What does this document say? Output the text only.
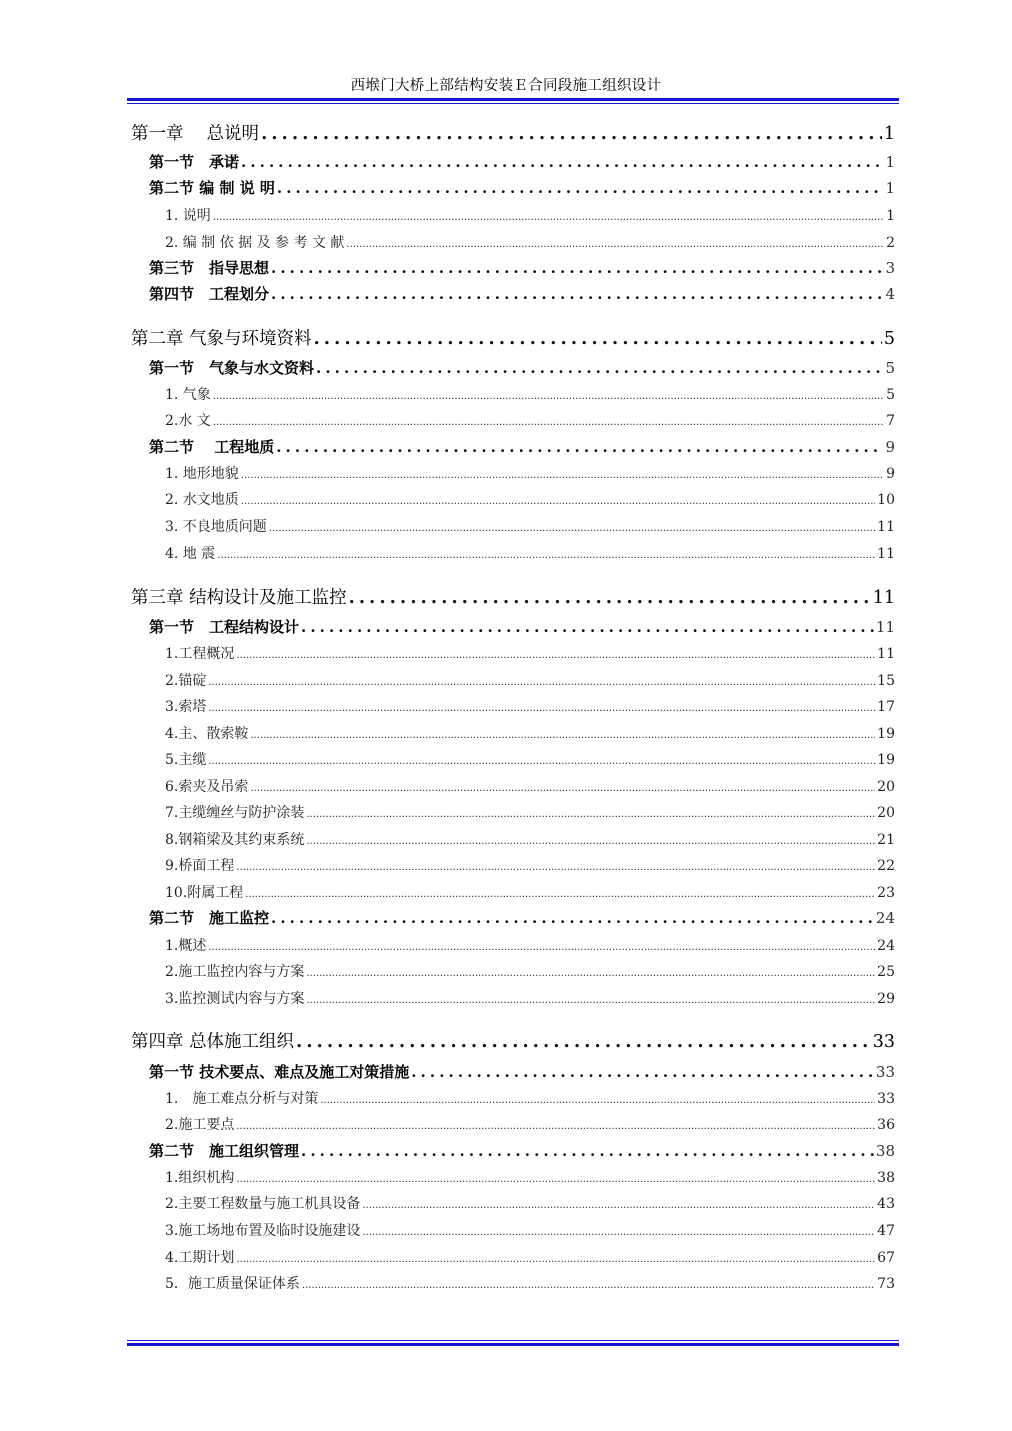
西堠门大桥上部结构安装Ｅ合同段施工组织设计
第一章　 总说明 .....	1
第一节　承诺 .....	1
第二节 编 制 说 明 .....	1
1. 说明 .....	1
2. 编 制 依 据 及 参 考 文 献 .....	2
第三节　指导思想 .....	3
第四节　工程划分 .....	4
第二章 气象与环境资料 .....	5
第一节　气象与水文资料 .....	5
1. 气象 .....	5
2.水 文 .....	7
第二节　 工程地质 .....	9
1. 地形地貌 .....	9
2. 水文地质 .....	10
3. 不良地质问题 .....	11
4. 地 震 .....	11
第三章 结构设计及施工监控 .....	11
第一节　工程结构设计 .....	11
1.工程概况 .....	11
2.锚碇 .....	15
3.索塔 .....	17
4.主、散索鞍 .....	19
5.主缆 .....	19
6.索夹及吊索 .....	20
7.主缆缠丝与防护涂装 .....	20
8.钢箱梁及其约束系统 .....	21
9.桥面工程 .....	22
10.附属工程 .....	23
第二节　施工监控 .....	24
1.概述 .....	24
2.施工监控内容与方案 .....	25
3.监控测试内容与方案 .....	29
第四章 总体施工组织 .....	33
第一节 技术要点、难点及施工对策措施 .....	33
1.　施工难点分析与对策 .....	33
2.施工要点 .....	36
第二节　施工组织管理 .....	38
1.组织机构 .....	38
2.主要工程数量与施工机具设备 .....	43
3.施工场地布置及临时设施建设 .....	47
4.工期计划 .....	67
5．施工质量保证体系 .....	73
